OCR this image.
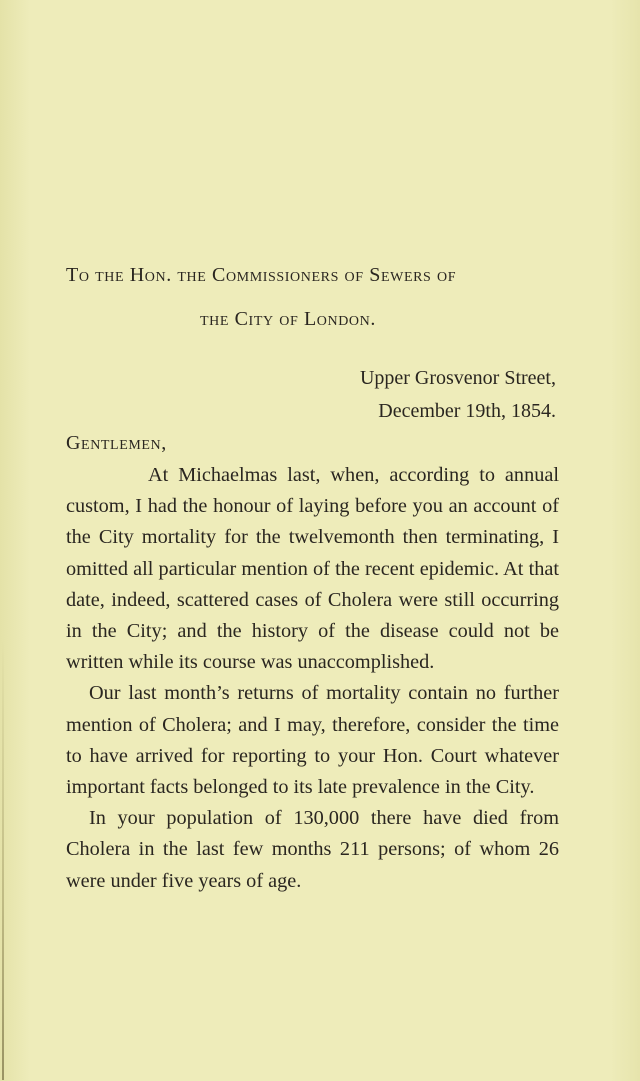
To the Hon. the Commissioners of Sewers of
the City of London.
Upper Grosvenor Street,
December 19th, 1854.
Gentlemen,

At Michaelmas last, when, according to annual custom, I had the honour of laying before you an account of the City mortality for the twelvemonth then terminating, I omitted all particular mention of the recent epidemic. At that date, indeed, scattered cases of Cholera were still occurring in the City; and the history of the disease could not be written while its course was unaccomplished.

Our last month’s returns of mortality contain no further mention of Cholera; and I may, therefore, consider the time to have arrived for reporting to your Hon. Court whatever important facts belonged to its late prevalence in the City.

In your population of 130,000 there have died from Cholera in the last few months 211 persons; of whom 26 were under five years of age.
